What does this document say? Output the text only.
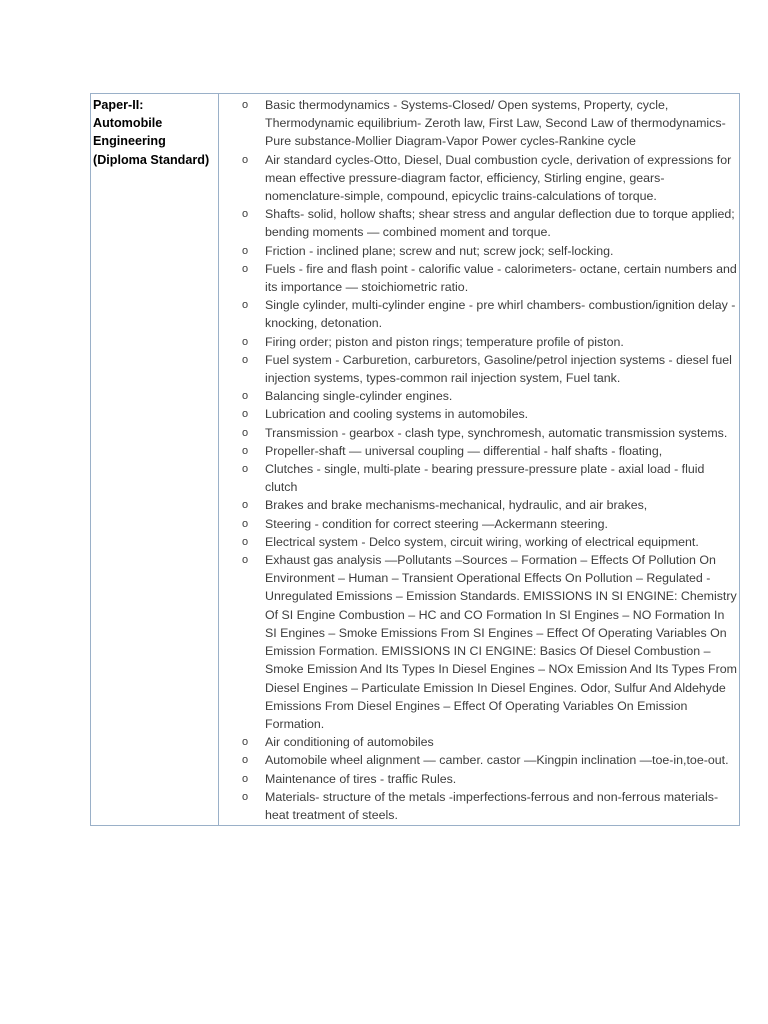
Paper-II:
Automobile
Engineering
(Diploma Standard)

o Basic thermodynamics - Systems-Closed/ Open systems, Property, cycle, Thermodynamic equilibrium- Zeroth law, First Law, Second Law of thermodynamics- Pure substance-Mollier Diagram-Vapor Power cycles-Rankine cycle
o Air standard cycles-Otto, Diesel, Dual combustion cycle, derivation of expressions for mean effective pressure-diagram factor, efficiency, Stirling engine, gears-nomenclature-simple, compound, epicyclic trains-calculations of torque.
o Shafts- solid, hollow shafts; shear stress and angular deflection due to torque applied; bending moments — combined moment and torque.
o Friction - inclined plane; screw and nut; screw jock; self-locking.
o Fuels - fire and flash point - calorific value - calorimeters- octane, certain numbers and its importance — stoichiometric ratio.
o Single cylinder, multi-cylinder engine - pre whirl chambers- combustion/ignition delay - knocking, detonation.
o Firing order; piston and piston rings; temperature profile of piston.
o Fuel system - Carburetion, carburetors, Gasoline/petrol injection systems - diesel fuel injection systems, types-common rail injection system, Fuel tank.
o Balancing single-cylinder engines.
o Lubrication and cooling systems in automobiles.
o Transmission - gearbox - clash type, synchromesh, automatic transmission systems.
o Propeller-shaft — universal coupling — differential - half shafts - floating,
o Clutches - single, multi-plate - bearing pressure-pressure plate - axial load - fluid clutch
o Brakes and brake mechanisms-mechanical, hydraulic, and air brakes,
o Steering - condition for correct steering —Ackermann steering.
o Electrical system - Delco system, circuit wiring, working of electrical equipment.
o Exhaust gas analysis —Pollutants –Sources – Formation – Effects Of Pollution On Environment – Human – Transient Operational Effects On Pollution – Regulated - Unregulated Emissions – Emission Standards. EMISSIONS IN SI ENGINE: Chemistry Of SI Engine Combustion – HC and CO Formation In SI Engines – NO Formation In SI Engines – Smoke Emissions From SI Engines – Effect Of Operating Variables On Emission Formation. EMISSIONS IN CI ENGINE: Basics Of Diesel Combustion – Smoke Emission And Its Types In Diesel Engines – NOx Emission And Its Types From Diesel Engines – Particulate Emission In Diesel Engines. Odor, Sulfur And Aldehyde Emissions From Diesel Engines – Effect Of Operating Variables On Emission Formation.
o Air conditioning of automobiles
o Automobile wheel alignment — camber. castor —Kingpin inclination —toe-in,toe-out.
o Maintenance of tires - traffic Rules.
o Materials- structure of the metals -imperfections-ferrous and non-ferrous materials-heat treatment of steels.
